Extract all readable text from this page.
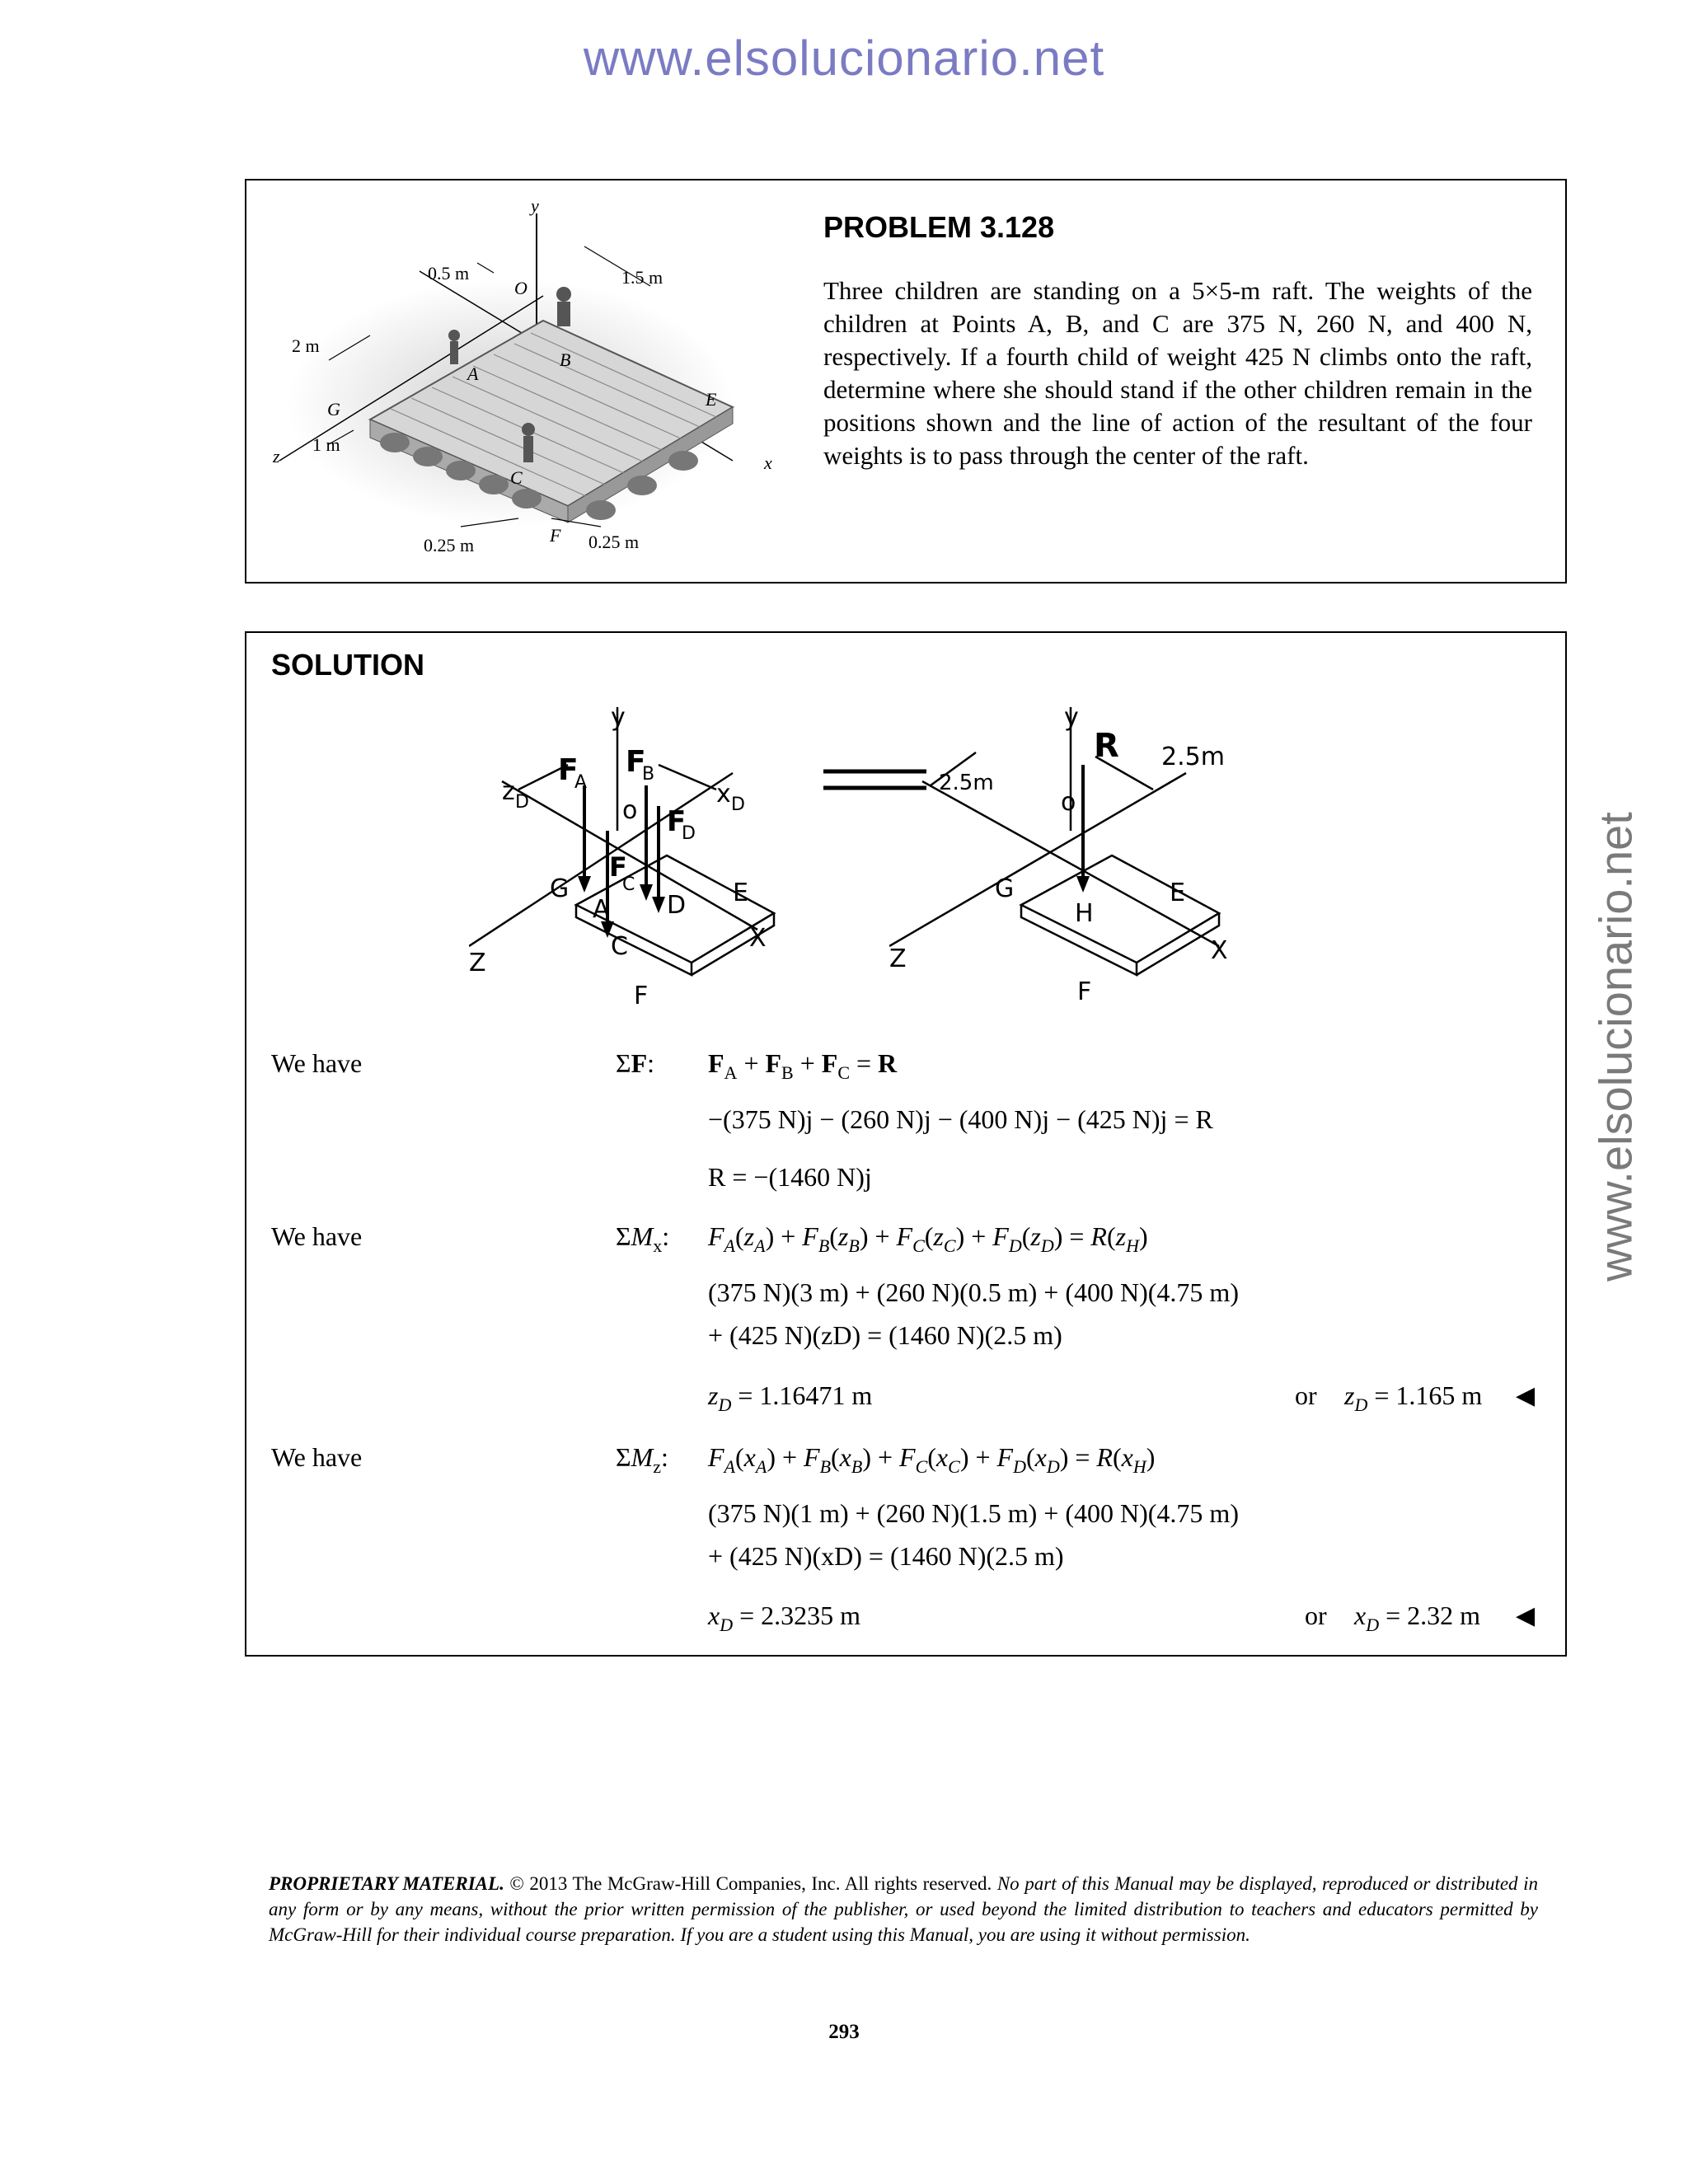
www.elsolucionario.net
www.elsolucionario.net
y
z	x
O
A
B
C
E
F
G
0.5 m	1.5 m
2 m
1 m
0.25 m	0.25 m
PROBLEM 3.128
Three children are standing on a 5×5-m raft. The weights of the children at Points A, B, and C are 375 N, 260 N, and 400 N, respectively. If a fourth child of weight 425 N climbs onto the raft, determine where she should stand if the other children remain in the positions shown and the line of action of the resultant of the four weights is to pass through the center of the raft.
SOLUTION
y
F
A
F
B
F
D
F
C
z D	x D
o
G
A D E
C	X
Z
F
y
R
2.5m
2.5m
o
G	E
H
X
Z
F
We have	ΣF: $F_A + F_B + F_C = R$
−(375 N)j − (260 N)j − (400 N)j − (425 N)j = R
R = −(1460 N)j
We have	$\Sigma M_x$: $F_A(z_A) + F_B(z_B) + F_C(z_C) + F_D(z_D) = R(z_H)$
(375 N)(3 m) + (260 N)(0.5 m) + (400 N)(4.75 m)
+ (425 N)(zD) = (1460 N)(2.5 m)
$z_D = 1.16471$ m	or $z_D = 1.165$ m ◀
We have	$\Sigma M_z$: $F_A(x_A) + F_B(x_B) + F_C(x_C) + F_D(x_D) = R(x_H)$
(375 N)(1 m) + (260 N)(1.5 m) + (400 N)(4.75 m)
+ (425 N)(xD) = (1460 N)(2.5 m)
$x_D = 2.3235$ m	or $x_D = 2.32$ m ◀
PROPRIETARY MATERIAL. © 2013 The McGraw-Hill Companies, Inc. All rights reserved. No part of this Manual may be displayed, reproduced or distributed in any form or by any means, without the prior written permission of the publisher, or used beyond the limited distribution to teachers and educators permitted by McGraw-Hill for their individual course preparation. If you are a student using this Manual, you are using it without permission.
293
